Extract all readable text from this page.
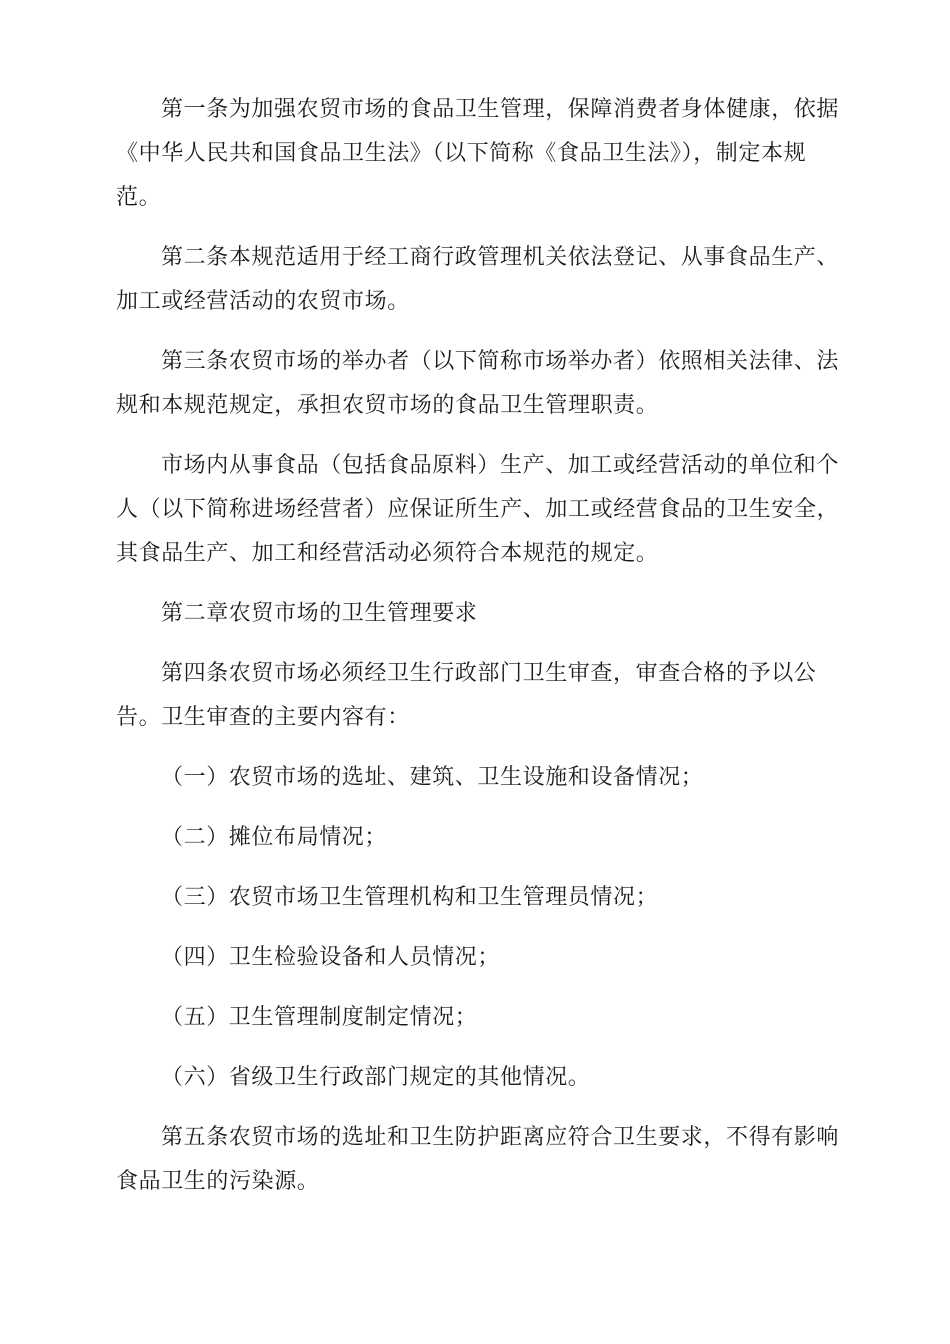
第一条为加强农贸市场的食品卫生管理，保障消费者身体健康，依据《中华人民共和国食品卫生法》（以下简称《食品卫生法》），制定本规范。

第二条本规范适用于经工商行政管理机关依法登记、从事食品生产、加工或经营活动的农贸市场。

第三条农贸市场的举办者（以下简称市场举办者）依照相关法律、法规和本规范规定，承担农贸市场的食品卫生管理职责。

市场内从事食品（包括食品原料）生产、加工或经营活动的单位和个人（以下简称进场经营者）应保证所生产、加工或经营食品的卫生安全，其食品生产、加工和经营活动必须符合本规范的规定。

第二章农贸市场的卫生管理要求

第四条农贸市场必须经卫生行政部门卫生审查，审查合格的予以公告。卫生审查的主要内容有：

（一）农贸市场的选址、建筑、卫生设施和设备情况；

（二）摊位布局情况；

（三）农贸市场卫生管理机构和卫生管理员情况；

（四）卫生检验设备和人员情况；

（五）卫生管理制度制定情况；

（六）省级卫生行政部门规定的其他情况。

第五条农贸市场的选址和卫生防护距离应符合卫生要求，不得有影响食品卫生的污染源。
